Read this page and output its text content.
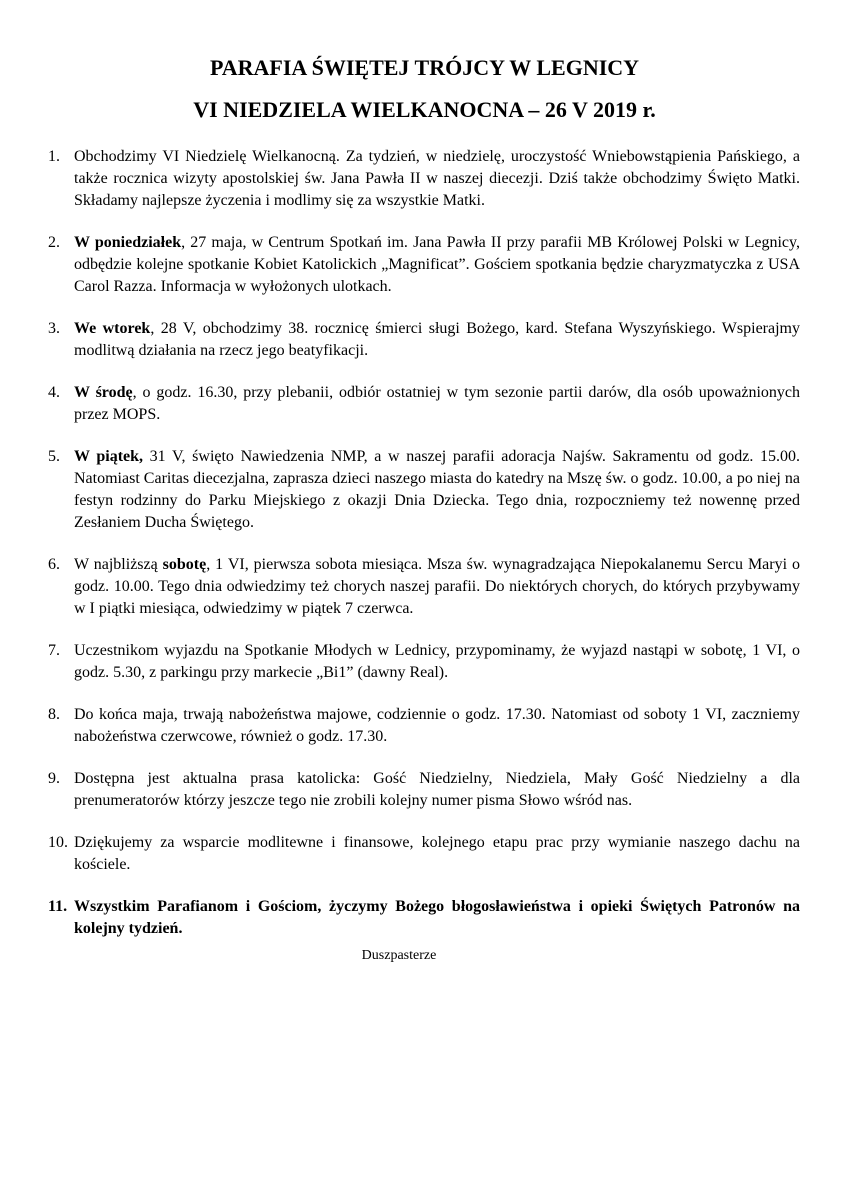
PARAFIA ŚWIĘTEJ TRÓJCY W LEGNICY
VI NIEDZIELA WIELKANOCNA – 26 V 2019 r.
1. Obchodzimy VI Niedzielę Wielkanocną. Za tydzień, w niedzielę, uroczystość Wniebowstąpienia Pańskiego, a także rocznica wizyty apostolskiej św. Jana Pawła II w naszej diecezji. Dziś także obchodzimy Święto Matki. Składamy najlepsze życzenia i modlimy się za wszystkie Matki.
2. W poniedziałek, 27 maja, w Centrum Spotkań im. Jana Pawła II przy parafii MB Królowej Polski w Legnicy, odbędzie kolejne spotkanie Kobiet Katolickich „Magnificat”. Gościem spotkania będzie charyzmatyczka z USA Carol Razza. Informacja w wyłożonych ulotkach.
3. We wtorek, 28 V, obchodzimy 38. rocznicę śmierci sługi Bożego, kard. Stefana Wyszyńskiego. Wspierajmy modlitwą działania na rzecz jego beatyfikacji.
4. W środę, o godz. 16.30, przy plebanii, odbiór ostatniej w tym sezonie partii darów, dla osób upoważnionych przez MOPS.
5. W piątek, 31 V, święto Nawiedzenia NMP, a w naszej parafii adoracja Najśw. Sakramentu od godz. 15.00. Natomiast Caritas diecezjalna, zaprasza dzieci naszego miasta do katedry na Mszę św. o godz. 10.00, a po niej na festyn rodzinny do Parku Miejskiego z okazji Dnia Dziecka. Tego dnia, rozpoczniemy też nowennę przed Zesłaniem Ducha Świętego.
6. W najbliższą sobotę, 1 VI, pierwsza sobota miesiąca. Msza św. wynagradzająca Niepokalanemu Sercu Maryi o godz. 10.00. Tego dnia odwiedzimy też chorych naszej parafii. Do niektórych chorych, do których przybywamy w I piątki miesiąca, odwiedzimy w piątek 7 czerwca.
7. Uczestnikom wyjazdu na Spotkanie Młodych w Lednicy, przypominamy, że wyjazd nastąpi w sobotę, 1 VI, o godz. 5.30, z parkingu przy markecie „Bi1” (dawny Real).
8. Do końca maja, trwają nabożeństwa majowe, codziennie o godz. 17.30. Natomiast od soboty 1 VI, zaczniemy nabożeństwa czerwcowe, również o godz. 17.30.
9. Dostępna jest aktualna prasa katolicka: Gość Niedzielny, Niedziela, Mały Gość Niedzielny a dla prenumeratorów którzy jeszcze tego nie zrobili kolejny numer pisma Słowo wśród nas.
10. Dziękujemy za wsparcie modlitewne i finansowe, kolejnego etapu prac przy wymianie naszego dachu na kościele.
11. Wszystkim Parafianom i Gościom, życzymy Bożego błogosławieństwa i opieki Świętych Patronów na kolejny tydzień.
Duszpasterze
